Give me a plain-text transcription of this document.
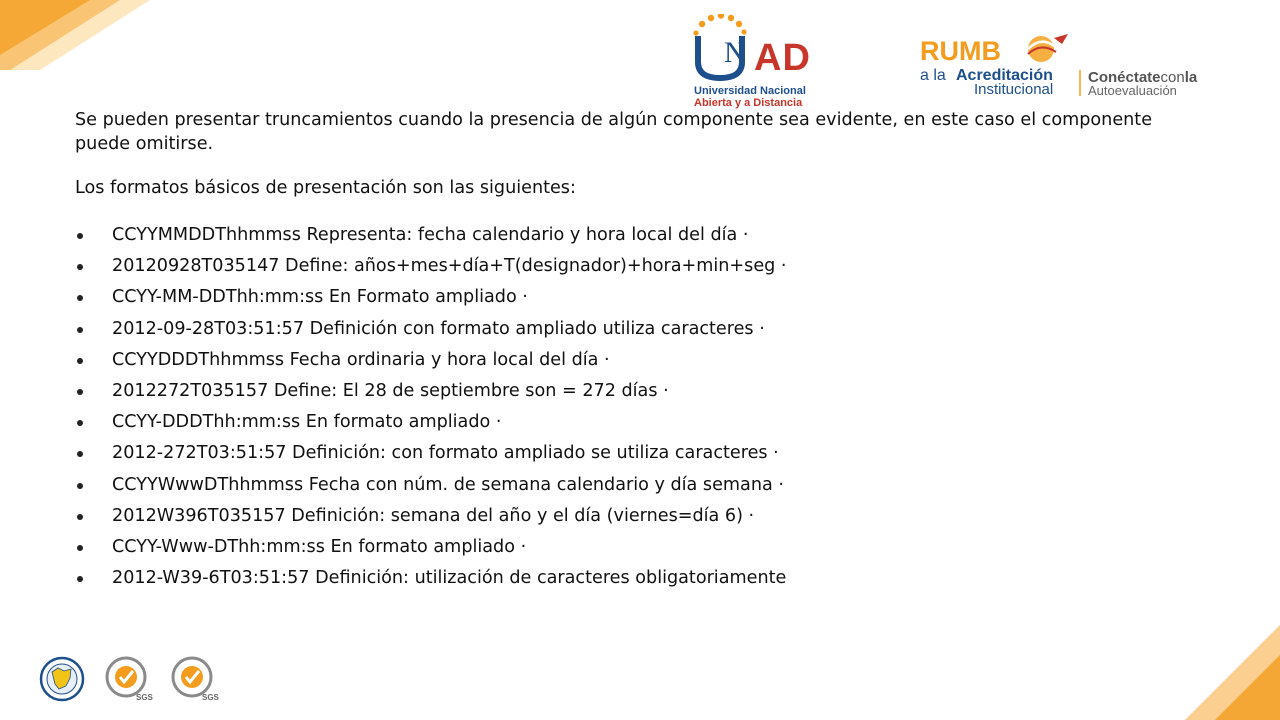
N AD
Universidad Nacional
Abierta y a Distancia
RUMB
a la Acreditación
Institucional
Conéctateconla
Autoevaluación

Se pueden presentar truncamientos cuando la presencia de algún componente sea evidente, en este caso el componente puede omitirse.

Los formatos básicos de presentación son las siguientes:

CCYYMMDDThhmmss Representa: fecha calendario y hora local del día ·
20120928T035147 Define: años+mes+día+T(designador)+hora+min+seg ·
CCYY-MM-DDThh:mm:ss En Formato ampliado ·
2012-09-28T03:51:57 Definición con formato ampliado utiliza caracteres ·
CCYYDDDThhmmss Fecha ordinaria y hora local del día ·
2012272T035157 Define: El 28 de septiembre son = 272 días ·
CCYY-DDDThh:mm:ss En formato ampliado ·
2012-272T03:51:57 Definición: con formato ampliado se utiliza caracteres ·
CCYYWwwDThhmmss Fecha con núm. de semana calendario y día semana ·
2012W396T035157 Definición: semana del año y el día (viernes=día 6) ·
CCYY-Www-DThh:mm:ss En formato ampliado ·
2012-W39-6T03:51:57 Definición: utilización de caracteres obligatoriamente
SGS	SGS
